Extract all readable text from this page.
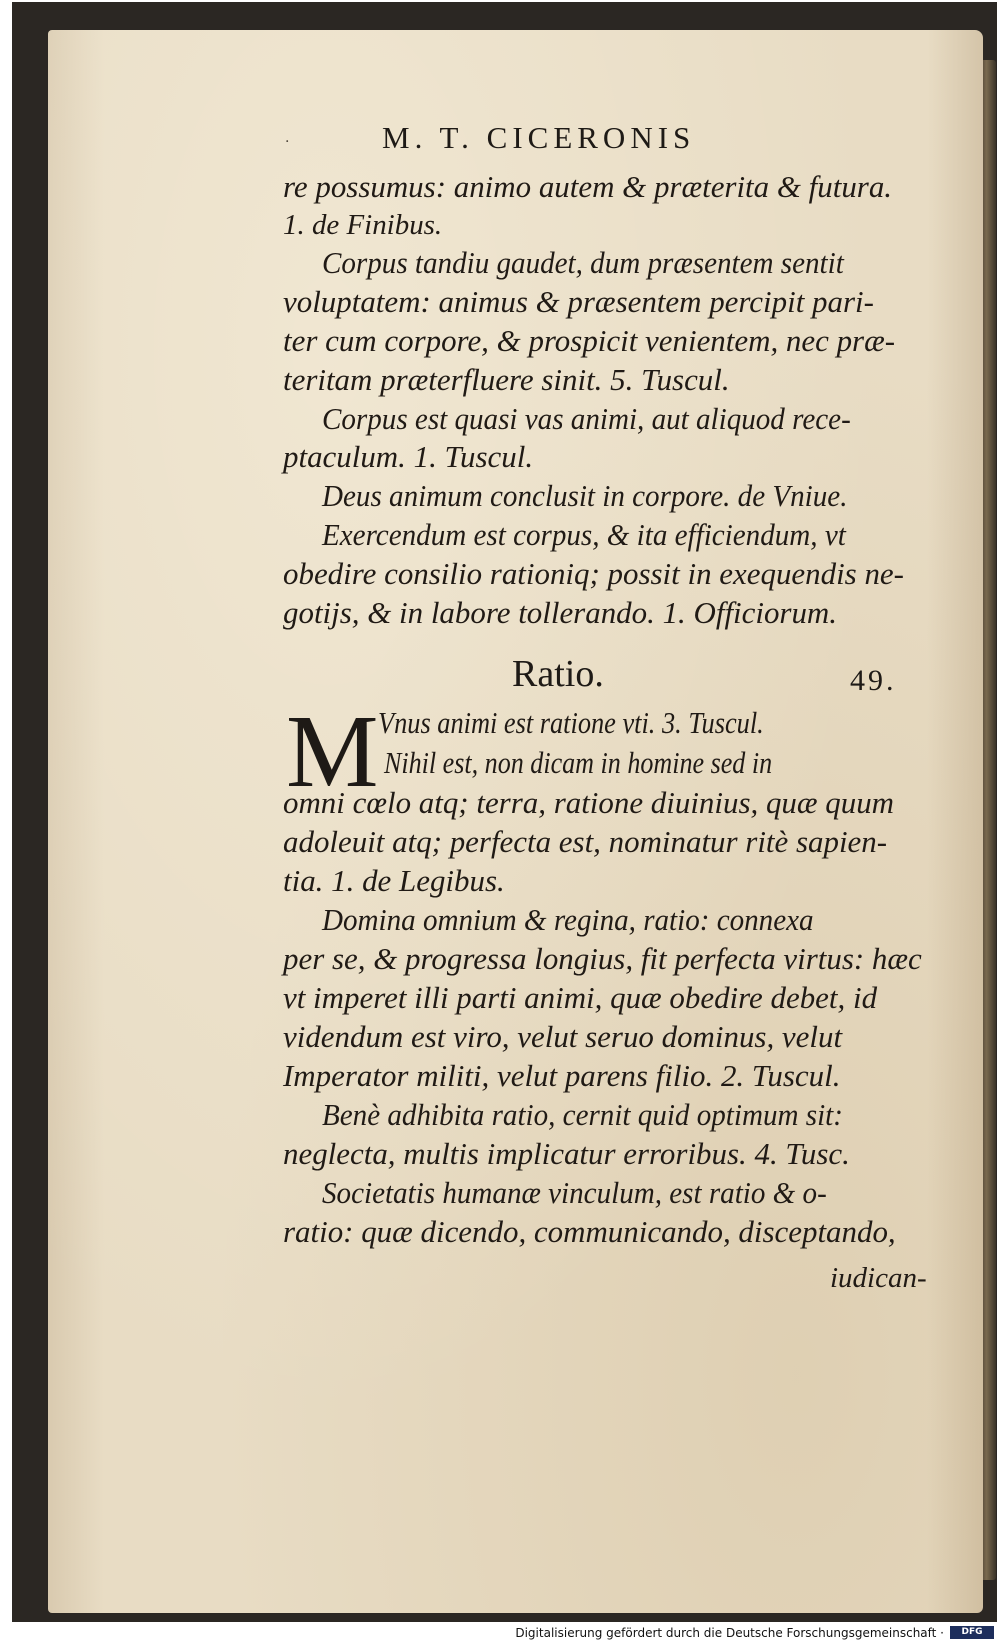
·	M. T. CICERONIS
re possumus: animo autem & præterita & futura.
1. de Finibus.
Corpus tandiu gaudet, dum præsentem sentit
voluptatem: animus & præsentem percipit pari-
ter cum corpore, & prospicit venientem, nec præ-
teritam præterfluere sinit. 5. Tuscul.
Corpus est quasi vas animi, aut aliquod rece-
ptaculum. 1. Tuscul.
Deus animum conclusit in corpore. de Vniue.
Exercendum est corpus, & ita efficiendum, vt
obedire consilio rationiq; possit in exequendis ne-
gotijs, & in labore tollerando. 1. Officiorum.
Ratio.	49.
M Vnus animi est ratione vti. 3. Tuscul.
Nihil est, non dicam in homine sed in
omni cœlo atq; terra, ratione diuinius, quæ quum
adoleuit atq; perfecta est, nominatur ritè sapien-
tia. 1. de Legibus.
Domina omnium & regina, ratio: connexa
per se, & progressa longius, fit perfecta virtus: hæc
vt imperet illi parti animi, quæ obedire debet, id
videndum est viro, velut seruo dominus, velut
Imperator militi, velut parens filio. 2. Tuscul.
Benè adhibita ratio, cernit quid optimum sit:
neglecta, multis implicatur erroribus. 4. Tusc.
Societatis humanæ vinculum, est ratio & o-
ratio: quæ dicendo, communicando, disceptando,
iudican-
Digitalisierung gefördert durch die Deutsche Forschungsgemeinschaft ·	DFG
